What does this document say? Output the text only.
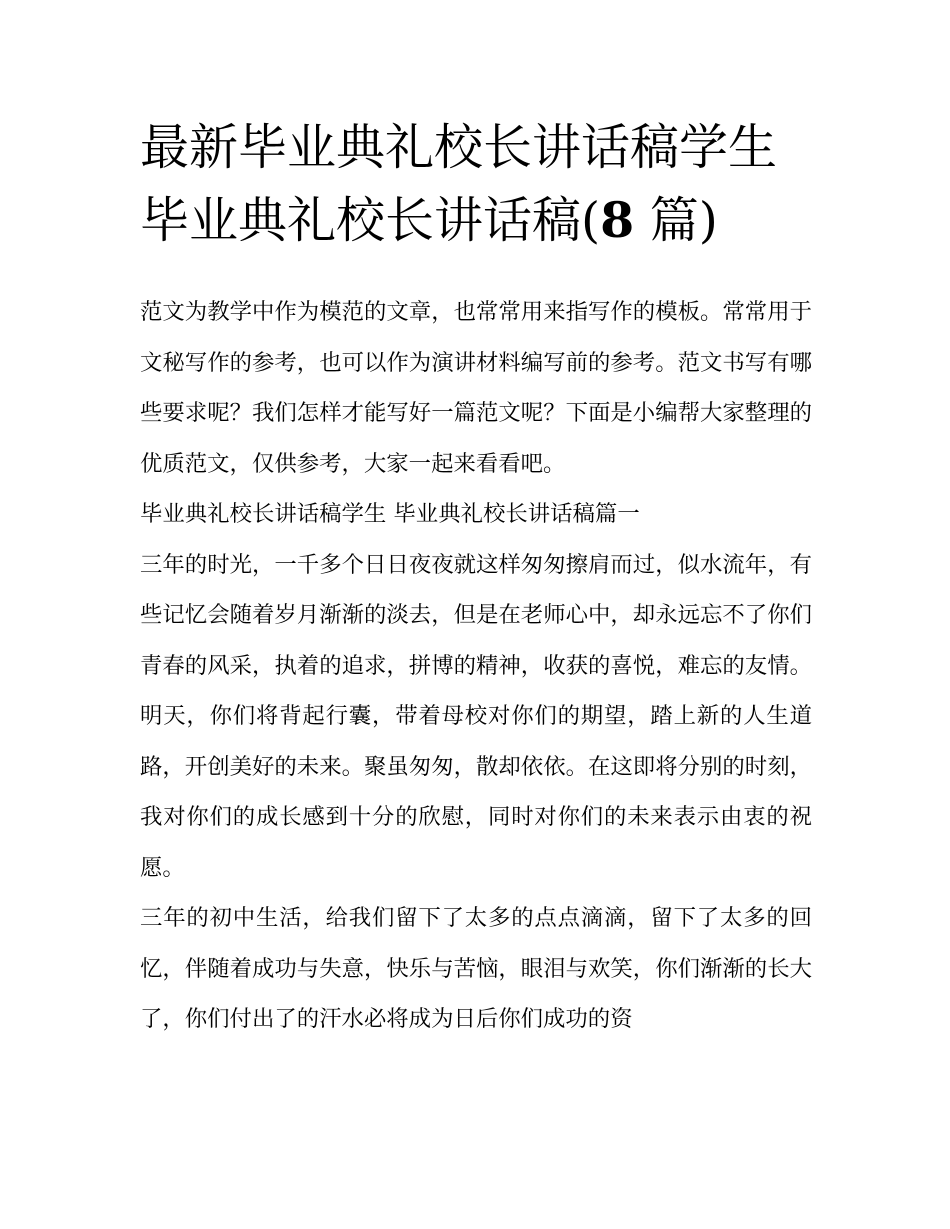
最新毕业典礼校长讲话稿学生毕业典礼校长讲话稿(8 篇)

范文为教学中作为模范的文章，也常常用来指写作的模板。常常用于文秘写作的参考，也可以作为演讲材料编写前的参考。范文书写有哪些要求呢？我们怎样才能写好一篇范文呢？下面是小编帮大家整理的优质范文，仅供参考，大家一起来看看吧。

毕业典礼校长讲话稿学生 毕业典礼校长讲话稿篇一

三年的时光，一千多个日日夜夜就这样匆匆擦肩而过，似水流年，有些记忆会随着岁月渐渐的淡去，但是在老师心中，却永远忘不了你们青春的风采，执着的追求，拼博的精神，收获的喜悦，难忘的友情。明天，你们将背起行囊，带着母校对你们的期望，踏上新的人生道路，开创美好的未来。聚虽匆匆，散却依依。在这即将分别的时刻，我对你们的成长感到十分的欣慰，同时对你们的未来表示由衷的祝愿。

三年的初中生活，给我们留下了太多的点点滴滴，留下了太多的回忆，伴随着成功与失意，快乐与苦恼，眼泪与欢笑，你们渐渐的长大了，你们付出了的汗水必将成为日后你们成功的资
